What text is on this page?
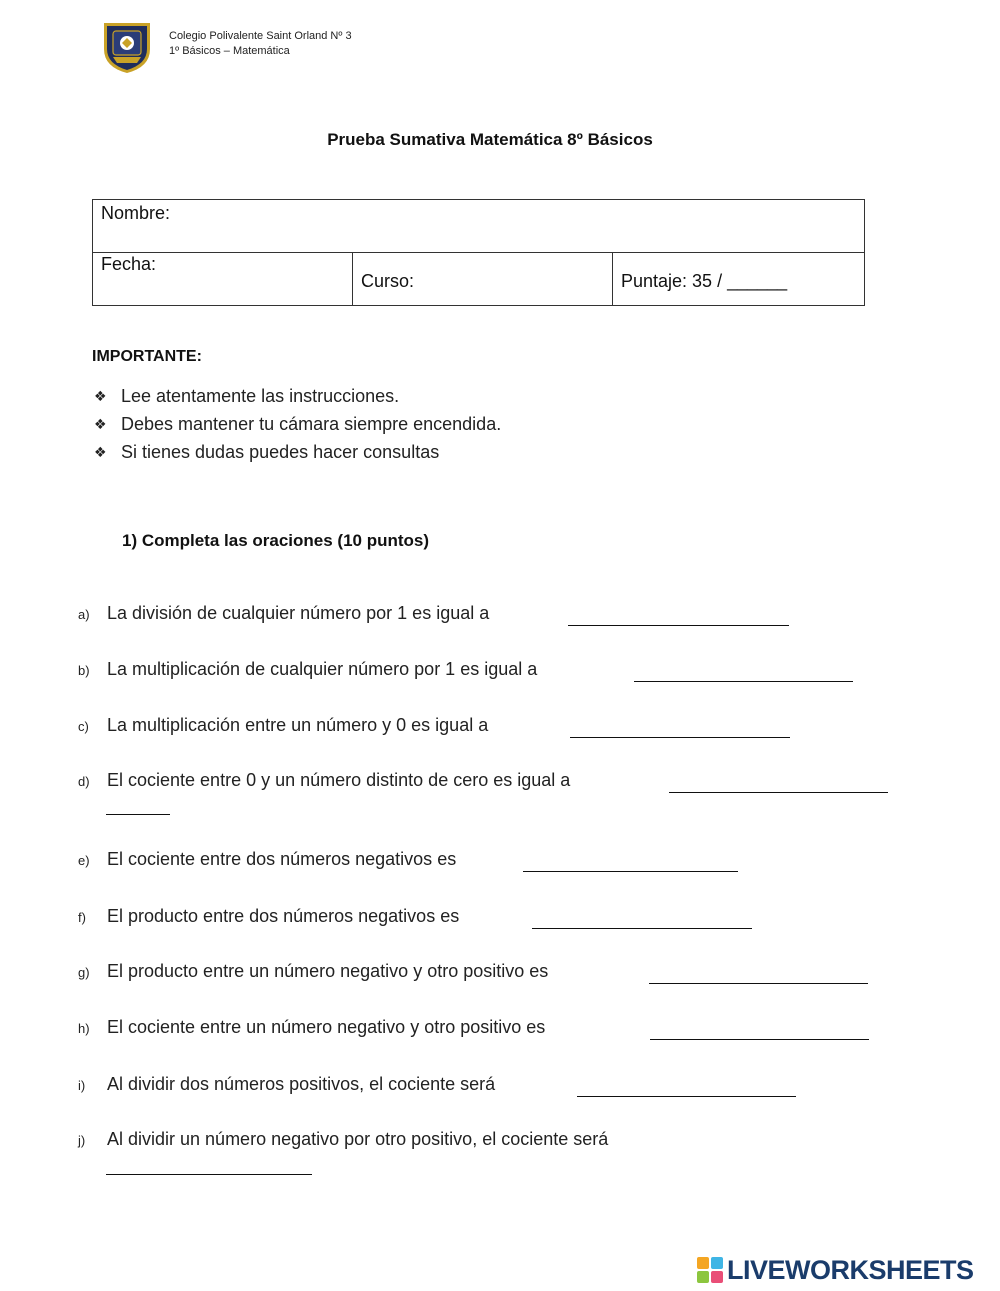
Colegio Polivalente Saint Orland Nº 3
1º Básicos – Matemática
Prueba Sumativa Matemática 8º Básicos
Nombre:
Fecha:	Curso:	Puntaje: 35 / ______
IMPORTANTE:
❖ Lee atentamente las instrucciones.
❖ Debes mantener tu cámara siempre encendida.
❖ Si tienes dudas puedes hacer consultas
1) Completa las oraciones (10 puntos)
a) La división de cualquier número por 1 es igual a
b) La multiplicación de cualquier número por 1 es igual a
c) La multiplicación entre un número y 0 es igual a
d) El cociente entre 0 y un número distinto de cero es igual a
e) El cociente entre dos números negativos es
f) El producto entre dos números negativos es
g) El producto entre un número negativo y otro positivo es
h) El cociente entre un número negativo y otro positivo es
i) Al dividir dos números positivos, el cociente será
j) Al dividir un número negativo por otro positivo, el cociente será
LIVEWORKSHEETS
